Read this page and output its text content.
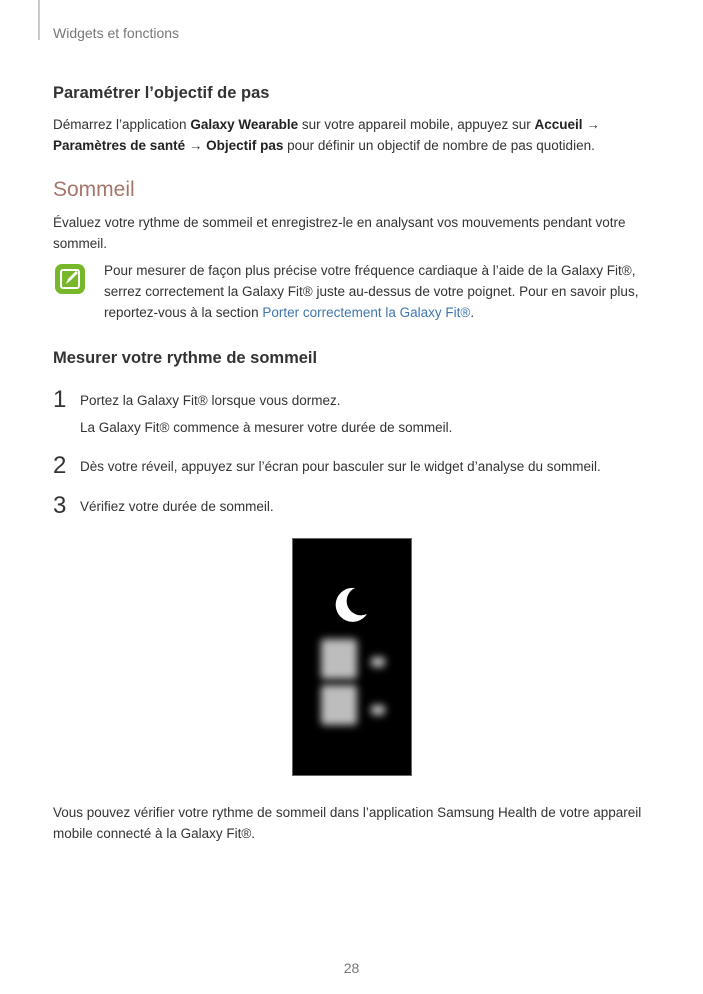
Widgets et fonctions
Paramétrer l’objectif de pas
Démarrez l’application Galaxy Wearable sur votre appareil mobile, appuyez sur Accueil → Paramètres de santé → Objectif pas pour définir un objectif de nombre de pas quotidien.
Sommeil
Évaluez votre rythme de sommeil et enregistrez-le en analysant vos mouvements pendant votre sommeil.
Pour mesurer de façon plus précise votre fréquence cardiaque à l’aide de la Galaxy Fit®, serrez correctement la Galaxy Fit® juste au-dessus de votre poignet. Pour en savoir plus, reportez-vous à la section Porter correctement la Galaxy Fit®.
Mesurer votre rythme de sommeil
1 Portez la Galaxy Fit® lorsque vous dormez.
La Galaxy Fit® commence à mesurer votre durée de sommeil.
2 Dès votre réveil, appuyez sur l’écran pour basculer sur le widget d’analyse du sommeil.
3 Vérifiez votre durée de sommeil.
Vous pouvez vérifier votre rythme de sommeil dans l’application Samsung Health de votre appareil mobile connecté à la Galaxy Fit®.
28
